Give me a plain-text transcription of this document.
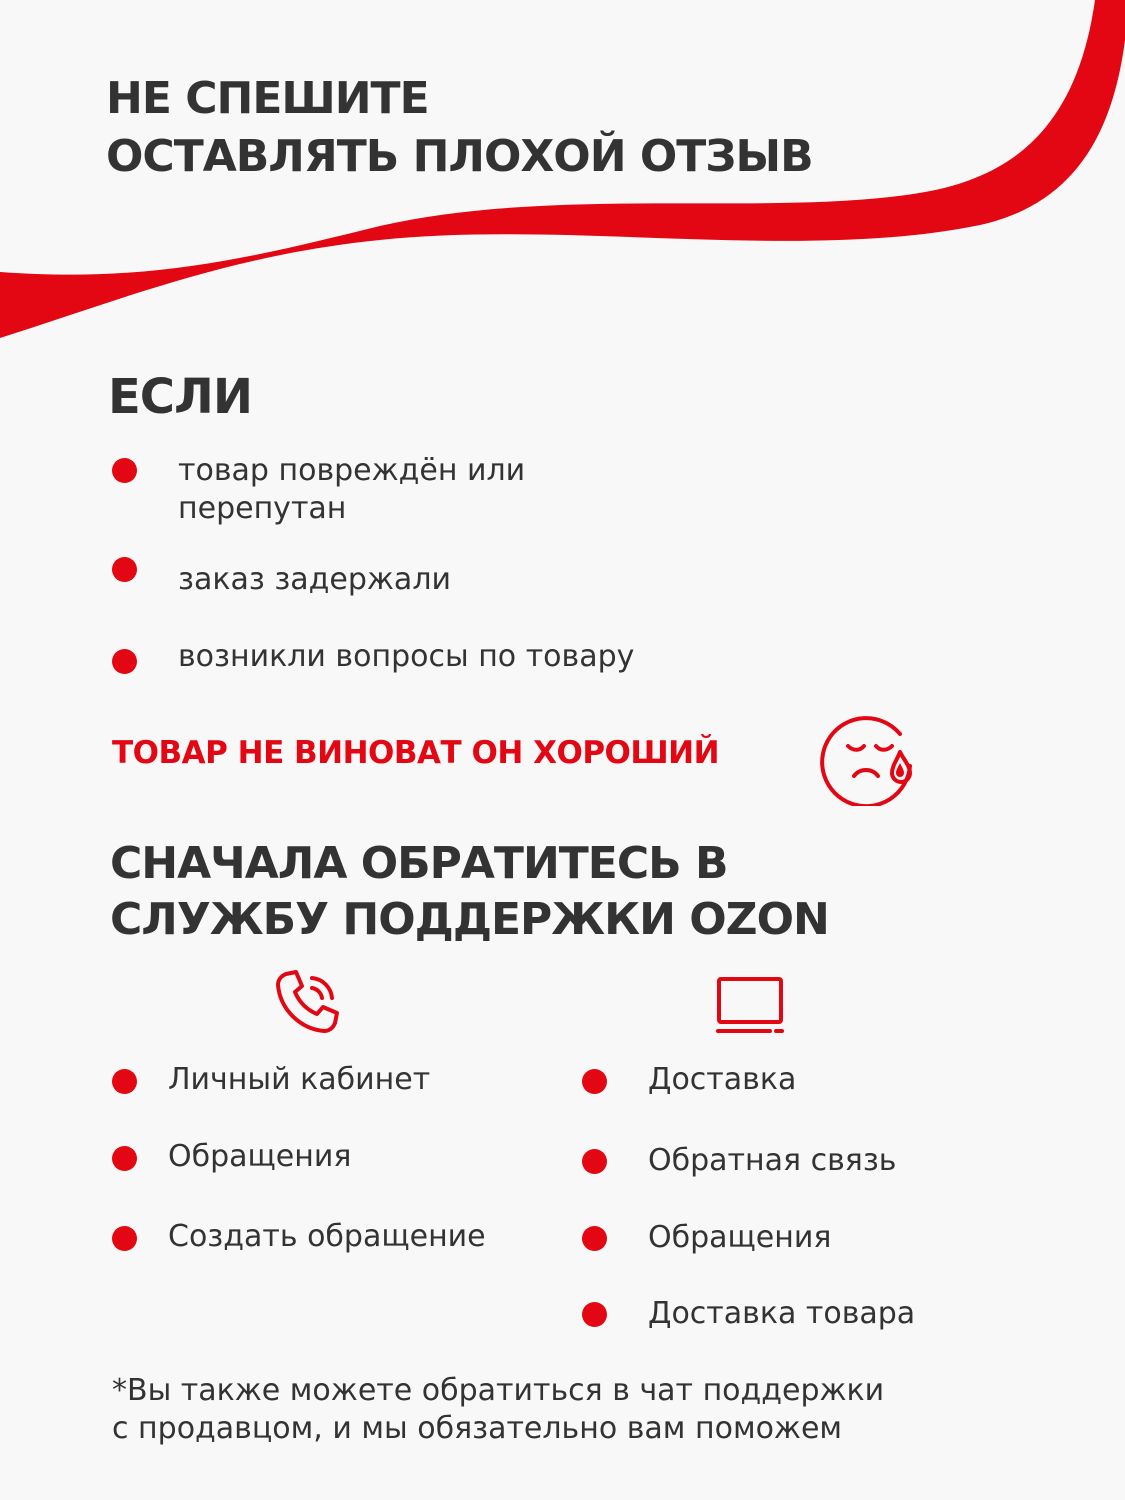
НЕ СПЕШИТЕ
ОСТАВЛЯТЬ ПЛОХОЙ ОТЗЫВ
ЕСЛИ
товар повреждён или
перепутан
заказ задержали
возникли вопросы по товару
ТОВАР НЕ ВИНОВАТ ОН ХОРОШИЙ
СНАЧАЛА ОБРАТИТЕСЬ В
СЛУЖБУ ПОДДЕРЖКИ OZON
Личный кабинет
Обращения
Создать обращение
Доставка
Обратная связь
Обращения
Доставка товара
*Вы также можете обратиться в чат поддержки
с продавцом, и мы обязательно вам поможем
